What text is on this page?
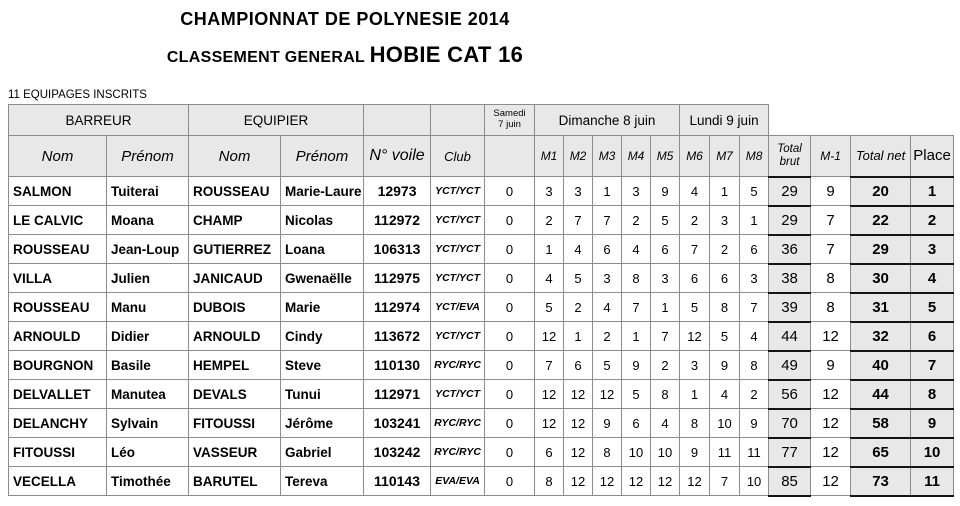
CHAMPIONNAT DE POLYNESIE 2014
CLASSEMENT GENERAL HOBIE CAT 16
11 EQUIPAGES INSCRITS
BARREUR		EQUIPIER				Samedi
7 juin	Dimanche 8 juin					Lundi 9 juin						
Nom	Prénom	Nom	Prénom	N° voile	Club		M1	M2	M3	M4	M5	M6	M7	M8	Total
brut	M-1	Total net	Place
SALMON	Tuiterai	ROUSSEAU	Marie-Laure	12973	YCT/YCT	0	3	3	1	3	9	4	1	5	29	9	20	1
LE CALVIC	Moana	CHAMP	Nicolas	112972	YCT/YCT	0	2	7	7	2	5	2	3	1	29	7	22	2
ROUSSEAU	Jean-Loup	GUTIERREZ	Loana	106313	YCT/YCT	0	1	4	6	4	6	7	2	6	36	7	29	3
VILLA	Julien	JANICAUD	Gwenaëlle	112975	YCT/YCT	0	4	5	3	8	3	6	6	3	38	8	30	4
ROUSSEAU	Manu	DUBOIS	Marie	112974	YCT/EVA	0	5	2	4	7	1	5	8	7	39	8	31	5
ARNOULD	Didier	ARNOULD	Cindy	113672	YCT/YCT	0	12	1	2	1	7	12	5	4	44	12	32	6
BOURGNON	Basile	HEMPEL	Steve	110130	RYC/RYC	0	7	6	5	9	2	3	9	8	49	9	40	7
DELVALLET	Manutea	DEVALS	Tunui	112971	YCT/YCT	0	12	12	12	5	8	1	4	2	56	12	44	8
DELANCHY	Sylvain	FITOUSSI	Jérôme	103241	RYC/RYC	0	12	12	9	6	4	8	10	9	70	12	58	9
FITOUSSI	Léo	VASSEUR	Gabriel	103242	RYC/RYC	0	6	12	8	10	10	9	11	11	77	12	65	10
VECELLA	Timothée	BARUTEL	Tereva	110143	EVA/EVA	0	8	12	12	12	12	12	7	10	85	12	73	11
